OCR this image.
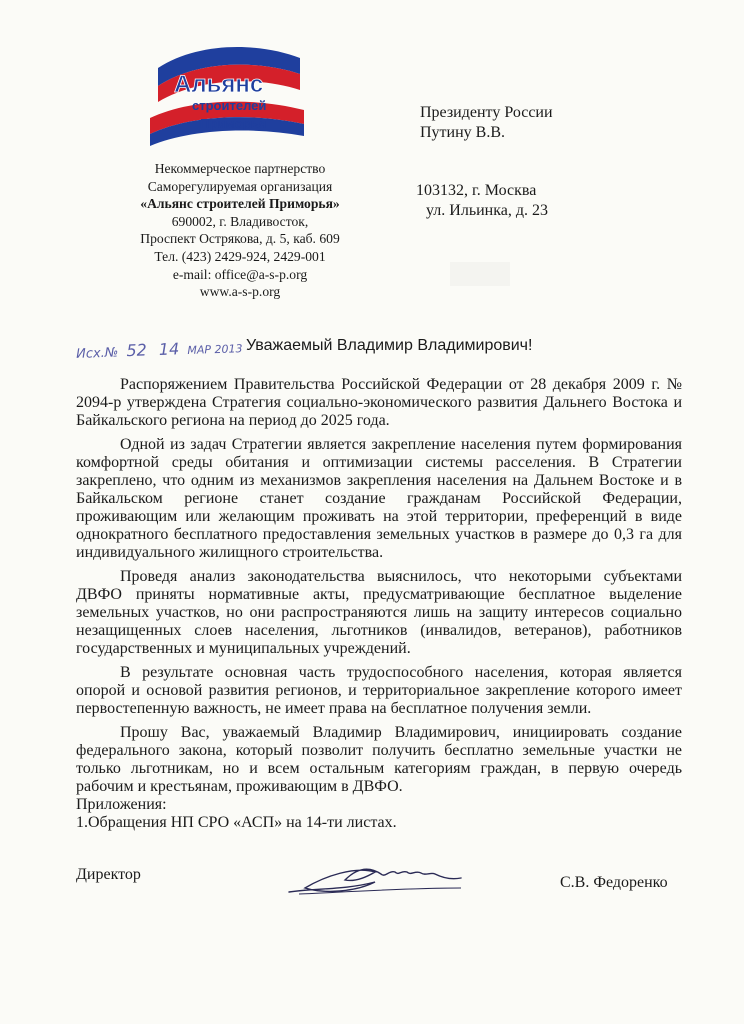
Альянс
строителей
Приморья
Некоммерческое партнерство
Саморегулируемая организация
«Альянс строителей Приморья»
690002, г. Владивосток,
Проспект Острякова, д. 5, каб. 609
Тел. (423) 2429-924, 2429-001
e-mail: office@a-s-p.org
www.a-s-p.org
Президенту России
Путину В.В.
103132, г. Москва
ул. Ильинка, д. 23
Исх.№ 52 14 МАР 2013 Уважаемый Владимир Владимирович!

Распоряжением Правительства Российской Федерации от 28 декабря 2009 г. № 2094-р утверждена Стратегия социально-экономического развития Дальнего Востока и Байкальского региона на период до 2025 года.

Одной из задач Стратегии является закрепление населения путем формирования комфортной среды обитания и оптимизации системы расселения. В Стратегии закреплено, что одним из механизмов закрепления населения на Дальнем Востоке и в Байкальском регионе станет создание гражданам Российской Федерации, проживающим или желающим проживать на этой территории, преференций в виде однократного бесплатного предоставления земельных участков в размере до 0,3 га для индивидуального жилищного строительства.

Проведя анализ законодательства выяснилось, что некоторыми субъектами ДВФО приняты нормативные акты, предусматривающие бесплатное выделение земельных участков, но они распространяются лишь на защиту интересов социально незащищенных слоев населения, льготников (инвалидов, ветеранов), работников государственных и муниципальных учреждений.

В результате основная часть трудоспособного населения, которая является опорой и основой развития регионов, и территориальное закрепление которого имеет первостепенную важность, не имеет права на бесплатное получения земли.

Прошу Вас, уважаемый Владимир Владимирович, инициировать создание федерального закона, который позволит получить бесплатно земельные участки не только льготникам, но и всем остальным категориям граждан, в первую очередь рабочим и крестьянам, проживающим в ДВФО.

Приложения:

1.Обращения НП СРО «АСП» на 14-ти листах.

Директор	С.В. Федоренко
